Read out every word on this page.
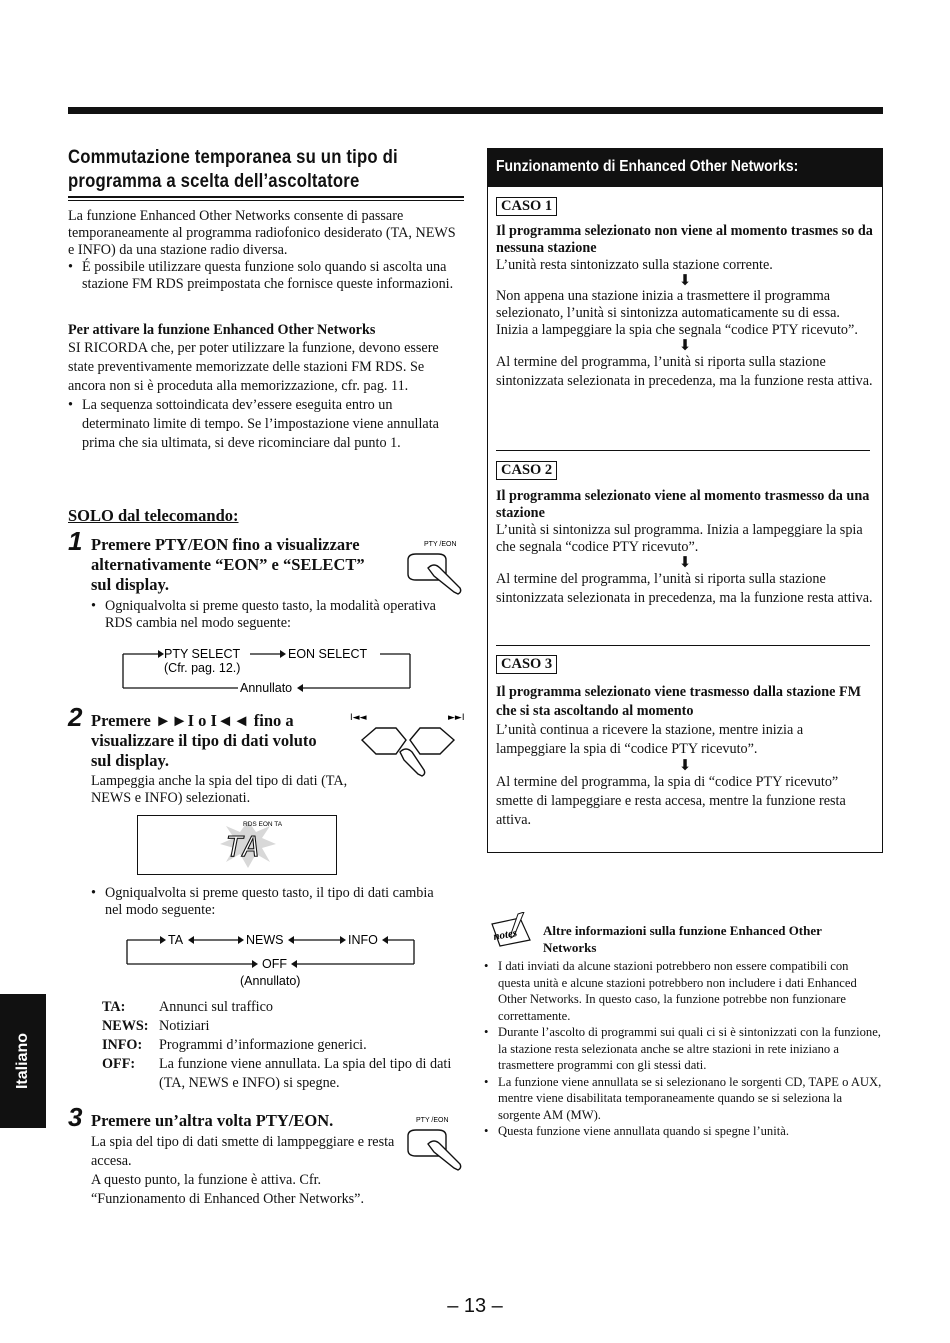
Commutazione temporanea su un tipo di programma a scelta dell’ascoltatore

La funzione Enhanced Other Networks consente di passare temporaneamente al programma radiofonico desiderato (TA, NEWS e INFO) da una stazione radio diversa.

• É possibile utilizzare questa funzione solo quando si ascolta una stazione FM RDS preimpostata che fornisce queste informazioni.

Per attivare la funzione Enhanced Other Networks

SI RICORDA che, per poter utilizzare la funzione, devono essere state preventivamente memorizzate delle stazioni FM RDS. Se ancora non si è proceduta alla memorizzazione, cfr. pag. 11.

• La sequenza sottoindicata dev’essere eseguita entro un determinato limite di tempo. Se l’impostazione viene annullata prima che sia ultimata, si deve ricominciare dal punto 1.

SOLO dal telecomando:
1 Premere PTY/EON fino a visualizzare alternativamente “EON” e “SELECT” sul display.

• Ogniqualvolta si preme questo tasto, la modalità operativa RDS cambia nel modo seguente:

PTY /EON
PTY SELECT
(Cfr. pag. 12.)
EON SELECT
Annullato
2 Premere ►►I o I◄◄ fino a visualizzare il tipo di dati voluto sul display.
Lampeggia anche la spia del tipo di dati (TA, NEWS e INFO) selezionati.
I◄◄	►►I
RDS EON TA
TA

• Ogniqualvolta si preme questo tasto, il tipo di dati cambia nel modo seguente:

TA	NEWS	INFO
OFF
(Annullato)
TA:	Annunci sul traffico
NEWS:	Notiziari
INFO:	Programmi d’informazione generici.
OFF:	La funzione viene annullata. La spia del tipo di dati (TA, NEWS e INFO) si spegne.
3 Premere un’altra volta PTY/EON.

La spia del tipo di dati smette di lamppeggiare e resta accesa.

A questo punto, la funzione è attiva. Cfr. “Funzionamento di Enhanced Other Networks”.

PTY /EON
Funzionamento di Enhanced Other Networks:
CASO 1

Il programma selezionato non viene al momento trasmes so da nessuna stazione

L’unità resta sintonizzato sulla stazione corrente.

⬇

Non appena una stazione inizia a trasmettere il programma selezionato, l’unità si sintonizza automaticamente su di essa. Inizia a lampeggiare la spia che segnala “codice PTY ricevuto”.

⬇

Al termine del programma, l’unità si riporta sulla stazione sintonizzata selezionata in precedenza, ma la funzione resta attiva.

CASO 2

Il programma selezionato viene al momento trasmesso da una stazione

L’unità si sintonizza sul programma. Inizia a lampeggiare la spia che segnala “codice PTY ricevuto”.

⬇

Al termine del programma, l’unità si riporta sulla stazione sintonizzata selezionata in precedenza, ma la funzione resta attiva.

CASO 3

Il programma selezionato viene trasmesso dalla stazione FM che si sta ascoltando al momento

L’unità continua a ricevere la stazione, mentre inizia a lampeggiare la spia di “codice PTY ricevuto”.

⬇

Al termine del programma, la spia di “codice PTY ricevuto” smette di lampeggiare e resta accesa, mentre la funzione resta attiva.

notes Altre informazioni sulla funzione Enhanced Other Networks

• I dati inviati da alcune stazioni potrebbero non essere compatibili con questa unità e alcune stazioni potrebbero non includere i dati Enhanced Other Networks. In questo caso, la funzione potrebbe non funzionare correttamente.

• Durante l’ascolto di programmi sui quali ci si è sintonizzati con la funzione, la stazione resta selezionata anche se altre stazioni in rete iniziano a trasmettere programmi con gli stessi dati.

• La funzione viene annullata se si selezionano le sorgenti CD, TAPE o AUX, mentre viene disabilitata temporaneamente quando se si seleziona la sorgente AM (MW).

• Questa funzione viene annullata quando si spegne l’unità.

Italiano
– 13 –
